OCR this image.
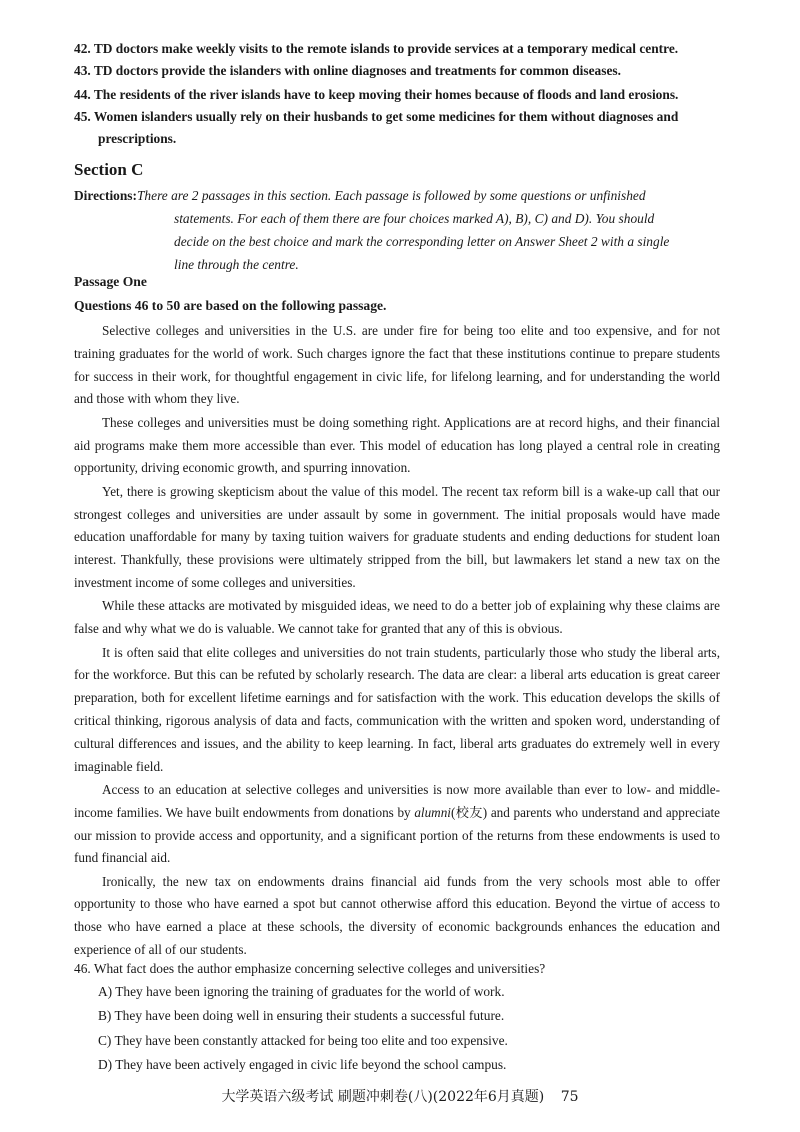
42. TD doctors make weekly visits to the remote islands to provide services at a temporary medical centre.
43. TD doctors provide the islanders with online diagnoses and treatments for common diseases.
44. The residents of the river islands have to keep moving their homes because of floods and land erosions.
45. Women islanders usually rely on their husbands to get some medicines for them without diagnoses and prescriptions.
Section C
Directions:There are 2 passages in this section. Each passage is followed by some questions or unfinished
statements. For each of them there are four choices marked A), B), C) and D). You should
decide on the best choice and mark the corresponding letter on Answer Sheet 2 with a single
line through the centre.
Passage One
Questions 46 to 50 are based on the following passage.

Selective colleges and universities in the U.S. are under fire for being too elite and too expensive, and for not training graduates for the world of work. Such charges ignore the fact that these institutions continue to prepare students for success in their work, for thoughtful engagement in civic life, for lifelong learning, and for understanding the world and those with whom they live.

These colleges and universities must be doing something right. Applications are at record highs, and their financial aid programs make them more accessible than ever. This model of education has long played a central role in creating opportunity, driving economic growth, and spurring innovation.

Yet, there is growing skepticism about the value of this model. The recent tax reform bill is a wake-up call that our strongest colleges and universities are under assault by some in government. The initial proposals would have made education unaffordable for many by taxing tuition waivers for graduate students and ending deductions for student loan interest. Thankfully, these provisions were ultimately stripped from the bill, but lawmakers let stand a new tax on the investment income of some colleges and universities.

While these attacks are motivated by misguided ideas, we need to do a better job of explaining why these claims are false and why what we do is valuable. We cannot take for granted that any of this is obvious.

It is often said that elite colleges and universities do not train students, particularly those who study the liberal arts, for the workforce. But this can be refuted by scholarly research. The data are clear: a liberal arts education is great career preparation, both for excellent lifetime earnings and for satisfaction with the work. This education develops the skills of critical thinking, rigorous analysis of data and facts, communication with the written and spoken word, understanding of cultural differences and issues, and the ability to keep learning. In fact, liberal arts graduates do extremely well in every imaginable field.

Access to an education at selective colleges and universities is now more available than ever to low- and middle-income families. We have built endowments from donations by alumni(校友) and parents who understand and appreciate our mission to provide access and opportunity, and a significant portion of the returns from these endowments is used to fund financial aid.

Ironically, the new tax on endowments drains financial aid funds from the very schools most able to offer opportunity to those who have earned a spot but cannot otherwise afford this education. Beyond the virtue of access to those who have earned a place at these schools, the diversity of economic backgrounds enhances the education and experience of all of our students.

46. What fact does the author emphasize concerning selective colleges and universities?
A) They have been ignoring the training of graduates for the world of work.
B) They have been doing well in ensuring their students a successful future.
C) They have been constantly attacked for being too elite and too expensive.
D) They have been actively engaged in civic life beyond the school campus.
大学英语六级考试 刷题冲刺卷(八)(2022年6月真题) 75
